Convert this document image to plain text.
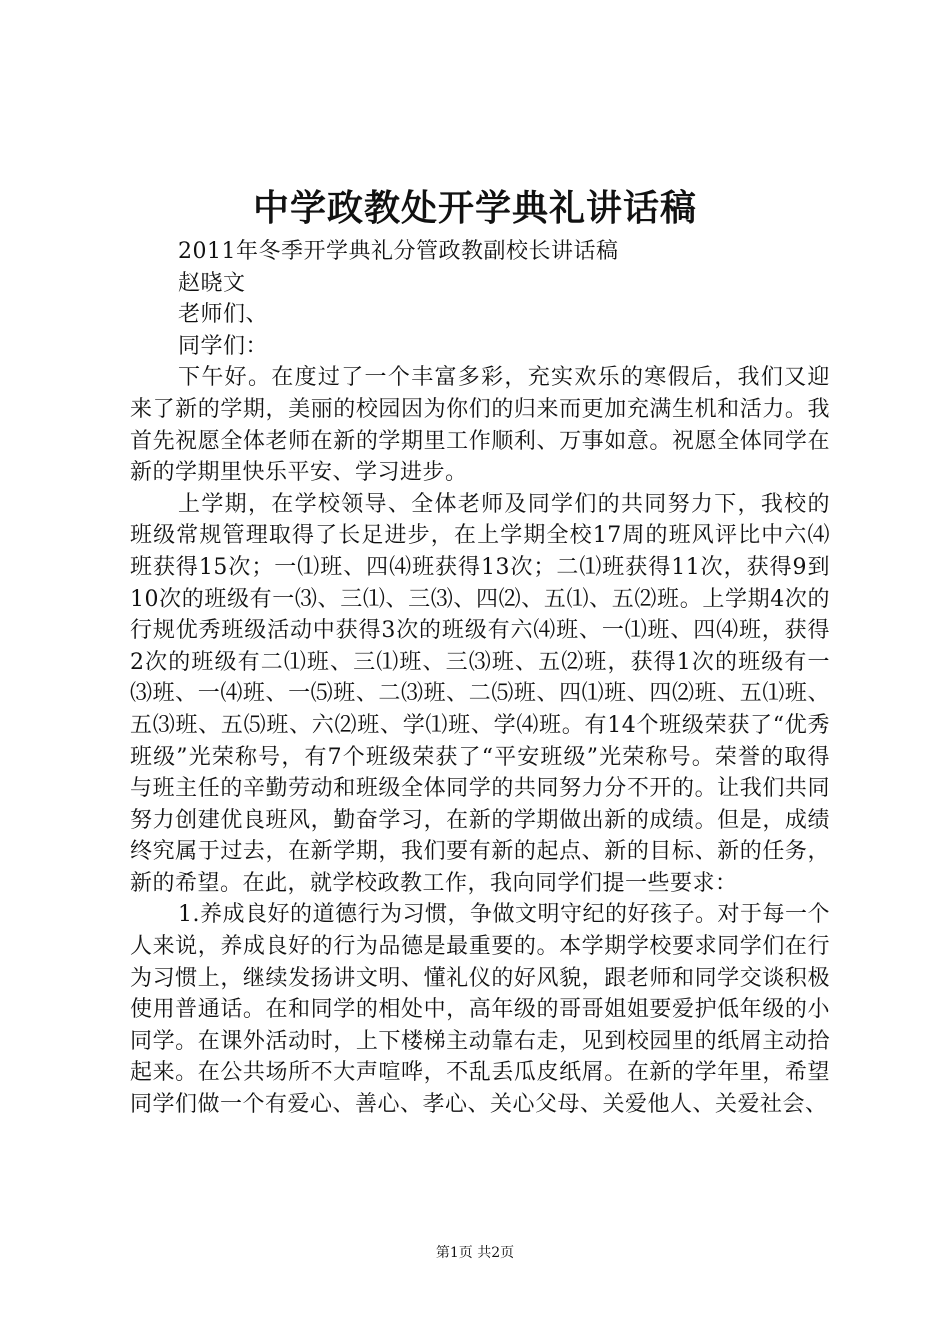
中学政教处开学典礼讲话稿

2011年冬季开学典礼分管政教副校长讲话稿

赵晓文

老师们、

同学们：

下午好。在度过了一个丰富多彩，充实欢乐的寒假后，我们又迎来了新的学期，美丽的校园因为你们的归来而更加充满生机和活力。我首先祝愿全体老师在新的学期里工作顺利、万事如意。祝愿全体同学在新的学期里快乐平安、学习进步。

上学期，在学校领导、全体老师及同学们的共同努力下，我校的班级常规管理取得了长足进步，在上学期全校17周的班风评比中六⑷班获得15次；一⑴班、四⑷班获得13次；二⑴班获得11次，获得9到10次的班级有一⑶、三⑴、三⑶、四⑵、五⑴、五⑵班。上学期4次的行规优秀班级活动中获得3次的班级有六⑷班、一⑴班、四⑷班，获得2次的班级有二⑴班、三⑴班、三⑶班、五⑵班，获得1次的班级有一⑶班、一⑷班、一⑸班、二⑶班、二⑸班、四⑴班、四⑵班、五⑴班、五⑶班、五⑸班、六⑵班、学⑴班、学⑷班。有14个班级荣获了“优秀班级”光荣称号，有7个班级荣获了“平安班级”光荣称号。荣誉的取得与班主任的辛勤劳动和班级全体同学的共同努力分不开的。让我们共同努力创建优良班风，勤奋学习，在新的学期做出新的成绩。但是，成绩终究属于过去，在新学期，我们要有新的起点、新的目标、新的任务，新的希望。在此，就学校政教工作，我向同学们提一些要求：

1.养成良好的道德行为习惯，争做文明守纪的好孩子。对于每一个人来说，养成良好的行为品德是最重要的。本学期学校要求同学们在行为习惯上，继续发扬讲文明、懂礼仪的好风貌，跟老师和同学交谈积极使用普通话。在和同学的相处中，高年级的哥哥姐姐要爱护低年级的小同学。在课外活动时，上下楼梯主动靠右走，见到校园里的纸屑主动拾起来。在公共场所不大声喧哗，不乱丢瓜皮纸屑。在新的学年里，希望同学们做一个有爱心、善心、孝心、关心父母、关爱他人、关爱社会、

第1页 共2页
